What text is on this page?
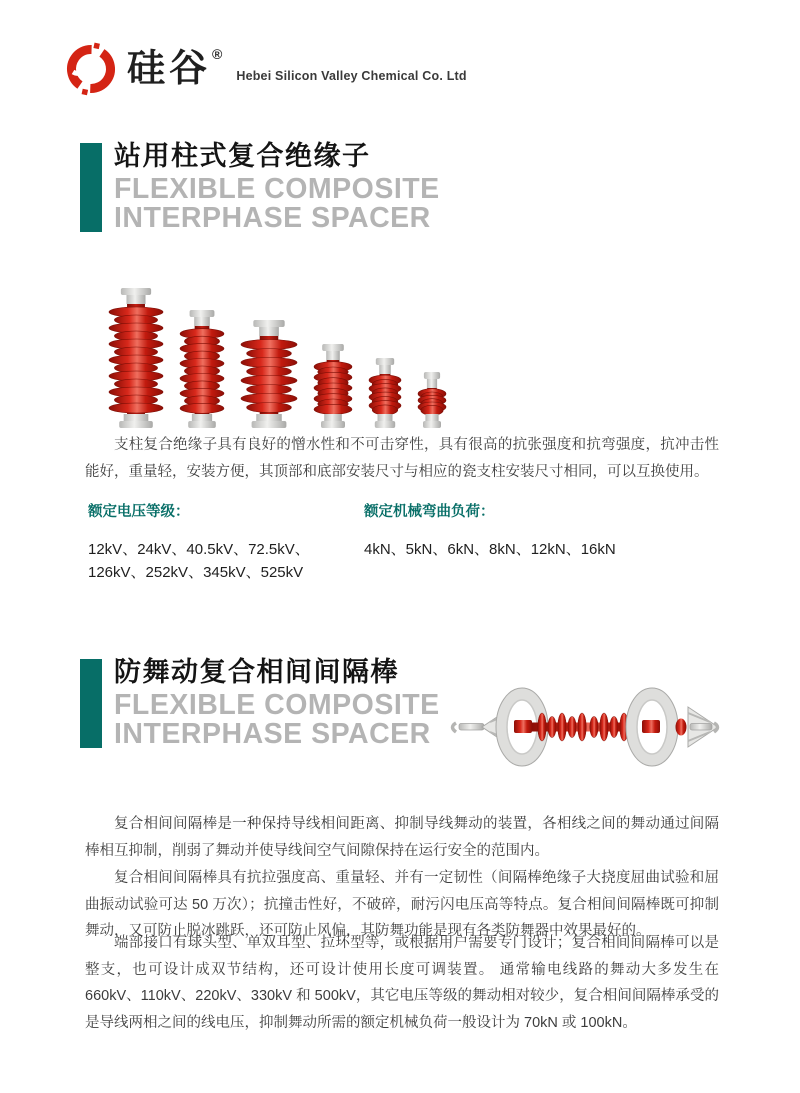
硅谷 ®
Hebei Silicon Valley Chemical Co. Ltd
站用柱式复合绝缘子
FLEXIBLE COMPOSITE
INTERPHASE SPACER

支柱复合绝缘子具有良好的憎水性和不可击穿性，具有很高的抗张强度和抗弯强度，抗冲击性能好，重量轻，安装方便，其顶部和底部安装尺寸与相应的瓷支柱安装尺寸相同，可以互换使用。

额定电压等级：
12kV、24kV、40.5kV、72.5kV、
126kV、252kV、345kV、525kV
额定机械弯曲负荷：
4kN、5kN、6kN、8kN、12kN、16kN
防舞动复合相间间隔棒
FLEXIBLE COMPOSITE
INTERPHASE SPACER

复合相间间隔棒是一种保持导线相间距离、抑制导线舞动的装置，各相线之间的舞动通过间隔棒相互抑制，削弱了舞动并使导线间空气间隙保持在运行安全的范围内。

复合相间间隔棒具有抗拉强度高、重量轻、并有一定韧性（间隔棒绝缘子大挠度屈曲试验和屈曲振动试验可达 50 万次）；抗撞击性好，不破碎，耐污闪电压高等特点。复合相间间隔棒既可抑制舞动，又可防止脱冰跳跃，还可防止风偏，其防舞功能是现有各类防舞器中效果最好的。

端部接口有球头型、单双耳型、拉环型等，或根据用户需要专门设计；复合相间间隔棒可以是整支，也可设计成双节结构，还可设计使用长度可调装置。 通常输电线路的舞动大多发生在 660kV、110kV、220kV、330kV 和 500kV，其它电压等级的舞动相对较少，复合相间间隔棒承受的是导线两相之间的线电压，抑制舞动所需的额定机械负荷一般设计为 70kN 或 100kN。
